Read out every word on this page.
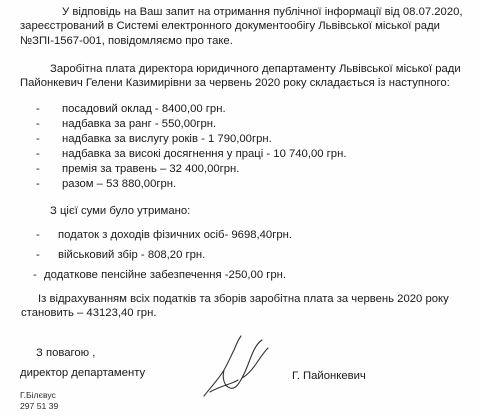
У відповідь на Ваш запит на отримання публічної інформації від 08.07.2020,
зареєстрований в Системі електронного документообігу Львівської міської ради
№ЗПІ-1567-001, повідомляємо про таке.
Заробітна плата директора юридичного департаменту Львівської міської ради
Пайонкевич Гелени Казимирівни за червень 2020 року складається із наступного:
- посадовий оклад - 8400,00 грн.
- надбавка за ранг - 550,00грн.
- надбавка за вислугу років - 1 790,00грн.
- надбавка за високі досягнення у праці - 10 740,00 грн.
- премія за травень – 32 400,00грн.
- разом – 53 880,00грн.
З цієї суми було утримано:
- податок з доходів фізичних осіб- 9698,40грн.
- військовий збір - 808,20 грн.
- додаткове пенсійне забезпечення -250,00 грн.
Із відрахуванням всіх податків та зборів заробітна плата за червень 2020 року
становить – 43123,40 грн.
З повагою ,
директор департаменту	Г. Пайонкевич
Г.Білєвус
297 51 39
